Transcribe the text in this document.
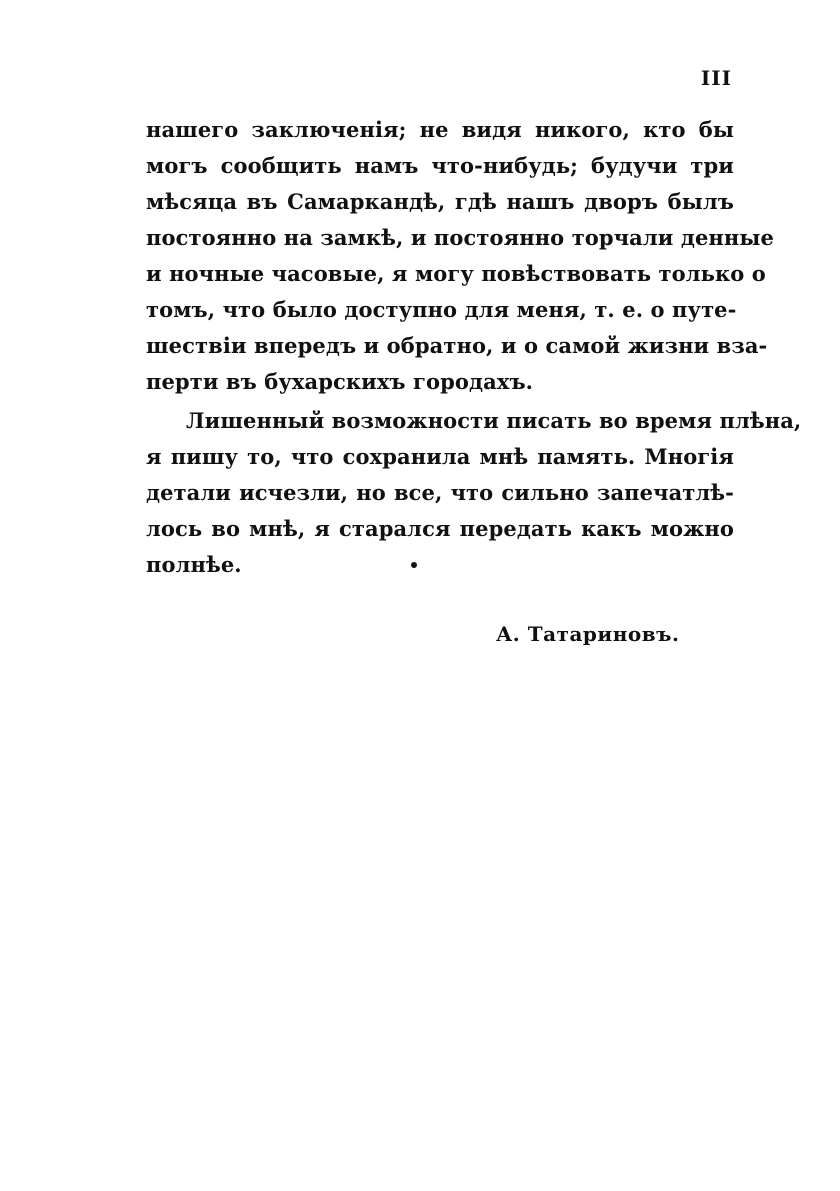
III
нашего заключенія; не видя никого, кто бы
могъ сообщить намъ что-нибудь; будучи три
мѣсяца въ Самаркандѣ, гдѣ нашъ дворъ былъ
постоянно на замкѣ, и постоянно торчали денные
и ночные часовые, я могу повѣствовать только о
томъ, что было доступно для меня, т. е. о путе-
шествіи впередъ и обратно, и о самой жизни вза-
перти въ бухарскихъ городахъ.
Лишенный возможности писать во время плѣна,
я пишу то, что сохранила мнѣ память. Многія
детали исчезли, но все, что сильно запечатлѣ-
лось во мнѣ, я старался передать какъ можно
полнѣе.
А. Татариновъ.
